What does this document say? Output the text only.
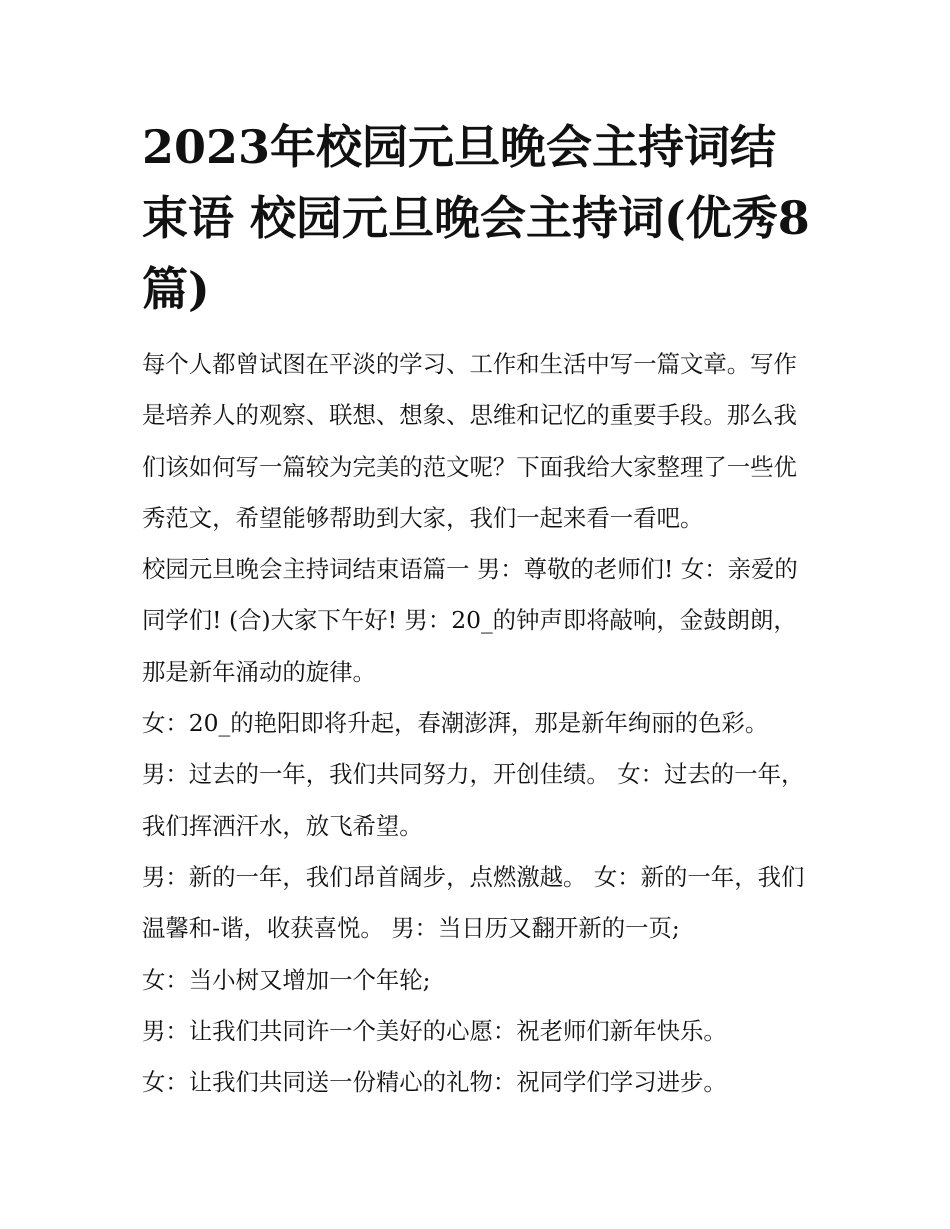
2023年校园元旦晚会主持词结束语 校园元旦晚会主持词(优秀8篇)

每个人都曾试图在平淡的学习、工作和生活中写一篇文章。写作是培养人的观察、联想、想象、思维和记忆的重要手段。那么我们该如何写一篇较为完美的范文呢？下面我给大家整理了一些优秀范文，希望能够帮助到大家，我们一起来看一看吧。

校园元旦晚会主持词结束语篇一 男：尊敬的老师们! 女：亲爱的同学们! (合)大家下午好! 男：20_的钟声即将敲响，金鼓朗朗，那是新年涌动的旋律。

女：20_的艳阳即将升起，春潮澎湃，那是新年绚丽的色彩。

男：过去的一年，我们共同努力，开创佳绩。 女：过去的一年，我们挥洒汗水，放飞希望。

男：新的一年，我们昂首阔步，点燃激越。 女：新的一年，我们温馨和-谐，收获喜悦。 男：当日历又翻开新的一页;

女：当小树又增加一个年轮;

男：让我们共同许一个美好的心愿：祝老师们新年快乐。

女：让我们共同送一份精心的礼物：祝同学们学习进步。
